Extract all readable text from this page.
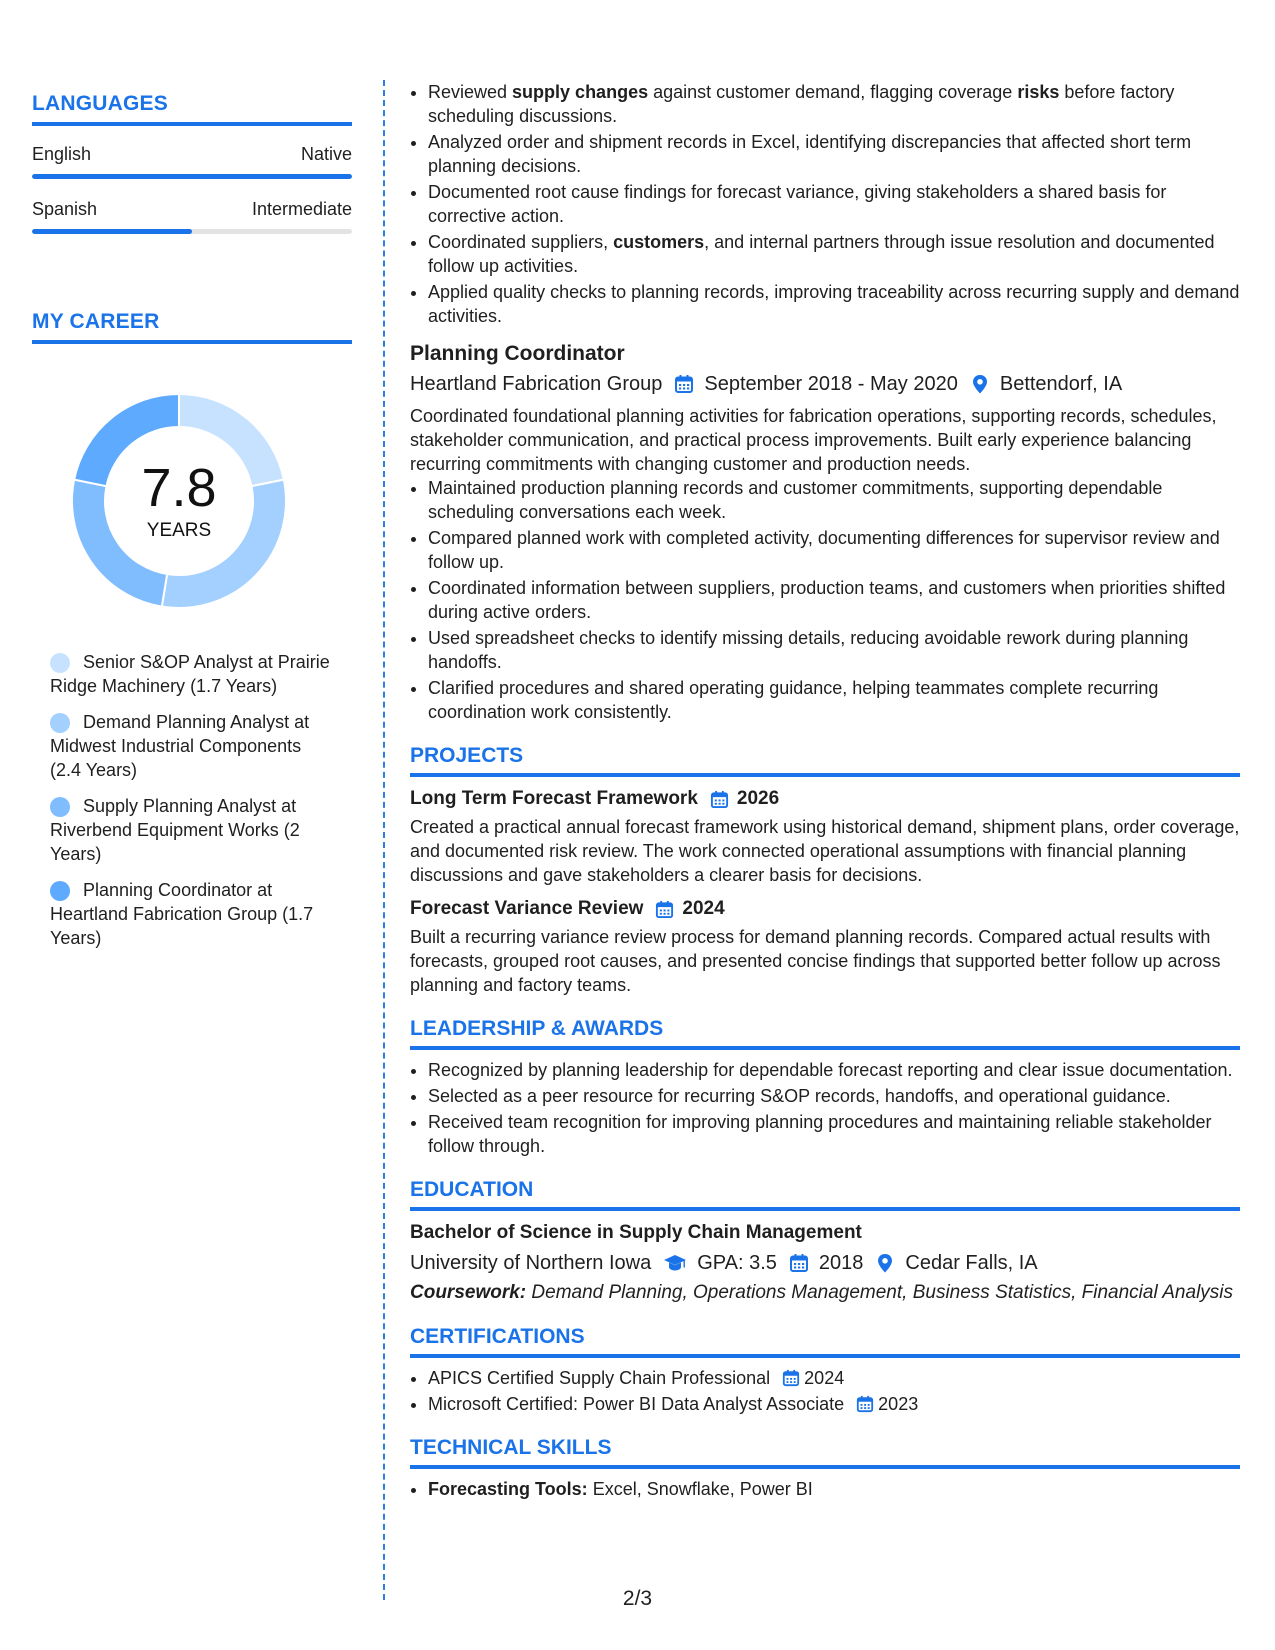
LANGUAGES
English	Native
Spanish	Intermediate
MY CAREER
7.8
YEARS
Senior S&OP Analyst at Prairie Ridge Machinery (1.7 Years)
Demand Planning Analyst at Midwest Industrial Components (2.4 Years)
Supply Planning Analyst at Riverbend Equipment Works (2 Years)
Planning Coordinator at Heartland Fabrication Group (1.7 Years)
• Reviewed supply changes against customer demand, flagging coverage risks before factory scheduling discussions.
• Analyzed order and shipment records in Excel, identifying discrepancies that affected short term planning decisions.
• Documented root cause findings for forecast variance, giving stakeholders a shared basis for corrective action.
• Coordinated suppliers, customers, and internal partners through issue resolution and documented follow up activities.
• Applied quality checks to planning records, improving traceability across recurring supply and demand activities.
Planning Coordinator
Heartland Fabrication Group September 2018 - May 2020 Bettendorf, IA
Coordinated foundational planning activities for fabrication operations, supporting records, schedules, stakeholder communication, and practical process improvements. Built early experience balancing recurring commitments with changing customer and production needs.
• Maintained production planning records and customer commitments, supporting dependable scheduling conversations each week.
• Compared planned work with completed activity, documenting differences for supervisor review and follow up.
• Coordinated information between suppliers, production teams, and customers when priorities shifted during active orders.
• Used spreadsheet checks to identify missing details, reducing avoidable rework during planning handoffs.
• Clarified procedures and shared operating guidance, helping teammates complete recurring coordination work consistently.
PROJECTS
Long Term Forecast Framework 2026
Created a practical annual forecast framework using historical demand, shipment plans, order coverage, and documented risk review. The work connected operational assumptions with financial planning discussions and gave stakeholders a clearer basis for decisions.
Forecast Variance Review 2024
Built a recurring variance review process for demand planning records. Compared actual results with forecasts, grouped root causes, and presented concise findings that supported better follow up across planning and factory teams.
LEADERSHIP & AWARDS
• Recognized by planning leadership for dependable forecast reporting and clear issue documentation.
• Selected as a peer resource for recurring S&OP records, handoffs, and operational guidance.
• Received team recognition for improving planning procedures and maintaining reliable stakeholder follow through.
EDUCATION
Bachelor of Science in Supply Chain Management
University of Northern Iowa GPA: 3.5 2018 Cedar Falls, IA
Coursework: Demand Planning, Operations Management, Business Statistics, Financial Analysis
CERTIFICATIONS
• APICS Certified Supply Chain Professional 2024
• Microsoft Certified: Power BI Data Analyst Associate 2023
TECHNICAL SKILLS
• Forecasting Tools: Excel, Snowflake, Power BI
2/3
